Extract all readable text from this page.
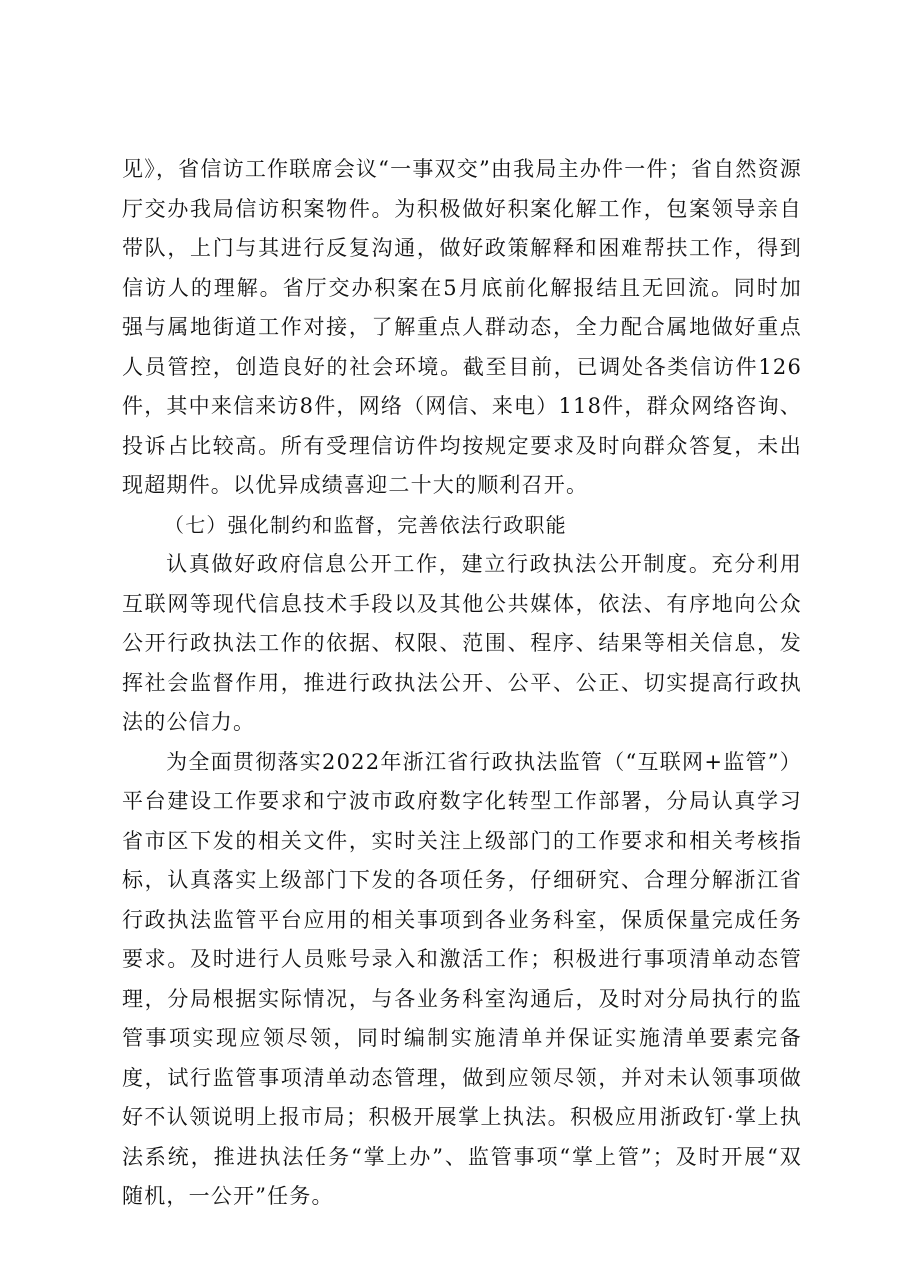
见》，省信访工作联席会议“一事双交”由我局主办件一件；省自然资源厅交办我局信访积案物件。为积极做好积案化解工作，包案领导亲自带队，上门与其进行反复沟通，做好政策解释和困难帮扶工作，得到信访人的理解。省厅交办积案在5月底前化解报结且无回流。同时加强与属地街道工作对接，了解重点人群动态，全力配合属地做好重点人员管控，创造良好的社会环境。截至目前，已调处各类信访件126件，其中来信来访8件，网络（网信、来电）118件，群众网络咨询、投诉占比较高。所有受理信访件均按规定要求及时向群众答复，未出现超期件。以优异成绩喜迎二十大的顺利召开。

（七）强化制约和监督，完善依法行政职能

认真做好政府信息公开工作，建立行政执法公开制度。充分利用互联网等现代信息技术手段以及其他公共媒体，依法、有序地向公众公开行政执法工作的依据、权限、范围、程序、结果等相关信息，发挥社会监督作用，推进行政执法公开、公平、公正、切实提高行政执法的公信力。

为全面贯彻落实2022年浙江省行政执法监管（“互联网+监管”）平台建设工作要求和宁波市政府数字化转型工作部署，分局认真学习省市区下发的相关文件，实时关注上级部门的工作要求和相关考核指标，认真落实上级部门下发的各项任务，仔细研究、合理分解浙江省行政执法监管平台应用的相关事项到各业务科室，保质保量完成任务要求。及时进行人员账号录入和激活工作；积极进行事项清单动态管理，分局根据实际情况，与各业务科室沟通后，及时对分局执行的监管事项实现应领尽领，同时编制实施清单并保证实施清单要素完备度，试行监管事项清单动态管理，做到应领尽领，并对未认领事项做好不认领说明上报市局；积极开展掌上执法。积极应用浙政钉·掌上执法系统，推进执法任务“掌上办”、监管事项“掌上管”；及时开展“双随机，一公开”任务。
